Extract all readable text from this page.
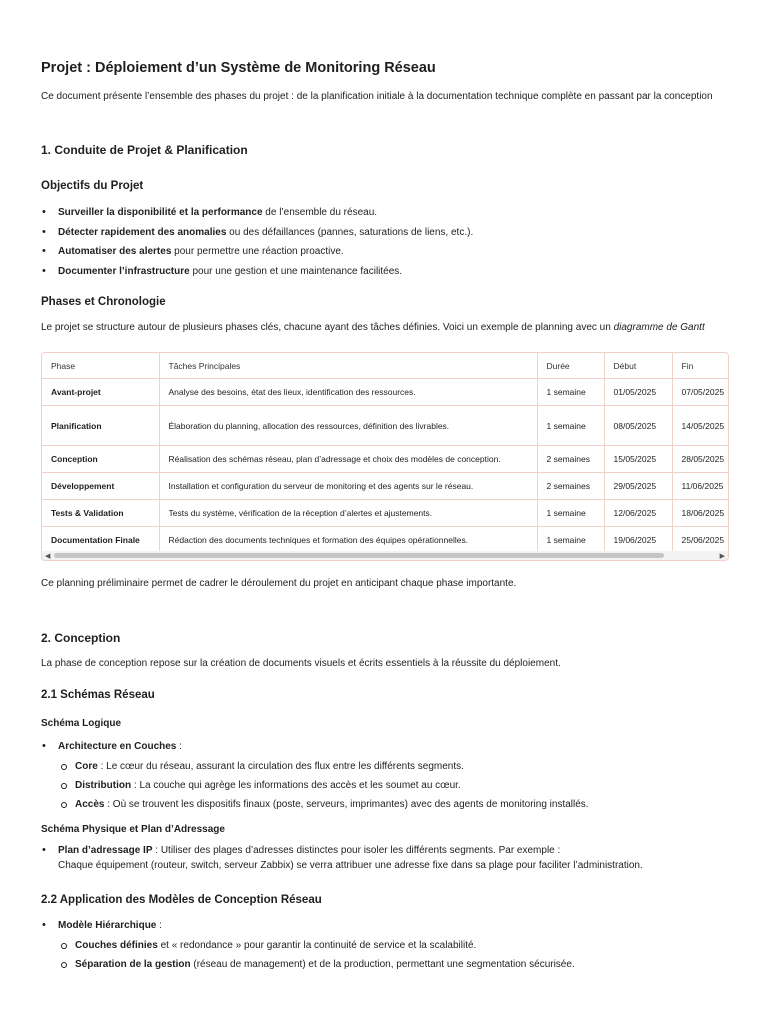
Projet : Déploiement d’un Système de Monitoring Réseau
Ce document présente l’ensemble des phases du projet : de la planification initiale à la documentation technique complète en passant par la conception
1. Conduite de Projet & Planification
Objectifs du Projet
• Surveiller la disponibilité et la performance de l’ensemble du réseau.
• Détecter rapidement des anomalies ou des défaillances (pannes, saturations de liens, etc.).
• Automatiser des alertes pour permettre une réaction proactive.
• Documenter l’infrastructure pour une gestion et une maintenance facilitées.
Phases et Chronologie

Le projet se structure autour de plusieurs phases clés, chacune ayant des tâches définies. Voici un exemple de planning avec un diagramme de Gantt

Phase	Tâches Principales	Durée	Début	Fin
Avant-projet	Analyse des besoins, état des lieux, identification des ressources.	1 semaine	01/05/2025	07/05/2025
Planification	Élaboration du planning, allocation des ressources, définition des livrables.	1 semaine	08/05/2025	14/05/2025
Conception	Réalisation des schémas réseau, plan d’adressage et choix des modèles de conception.	2 semaines	15/05/2025	28/05/2025
Développement	Installation et configuration du serveur de monitoring et des agents sur le réseau.	2 semaines	29/05/2025	11/06/2025
Tests & Validation	Tests du système, vérification de la réception d’alertes et ajustements.	1 semaine	12/06/2025	18/06/2025
Documentation Finale	Rédaction des documents techniques et formation des équipes opérationnelles.	1 semaine	19/06/2025	25/06/2025
◀	▶

Ce planning préliminaire permet de cadrer le déroulement du projet en anticipant chaque phase importante.

2. Conception

La phase de conception repose sur la création de documents visuels et écrits essentiels à la réussite du déploiement.

2.1 Schémas Réseau
Schéma Logique
• Architecture en Couches :
Core : Le cœur du réseau, assurant la circulation des flux entre les différents segments.
Distribution : La couche qui agrège les informations des accès et les soumet au cœur.
Accès : Où se trouvent les dispositifs finaux (poste, serveurs, imprimantes) avec des agents de monitoring installés.
Schéma Physique et Plan d’Adressage
• Plan d’adressage IP : Utiliser des plages d’adresses distinctes pour isoler les différents segments. Par exemple :
Chaque équipement (routeur, switch, serveur Zabbix) se verra attribuer une adresse fixe dans sa plage pour faciliter l’administration.
2.2 Application des Modèles de Conception Réseau
• Modèle Hiérarchique :
Couches définies et « redondance » pour garantir la continuité de service et la scalabilité.
Séparation de la gestion (réseau de management) et de la production, permettant une segmentation sécurisée.
